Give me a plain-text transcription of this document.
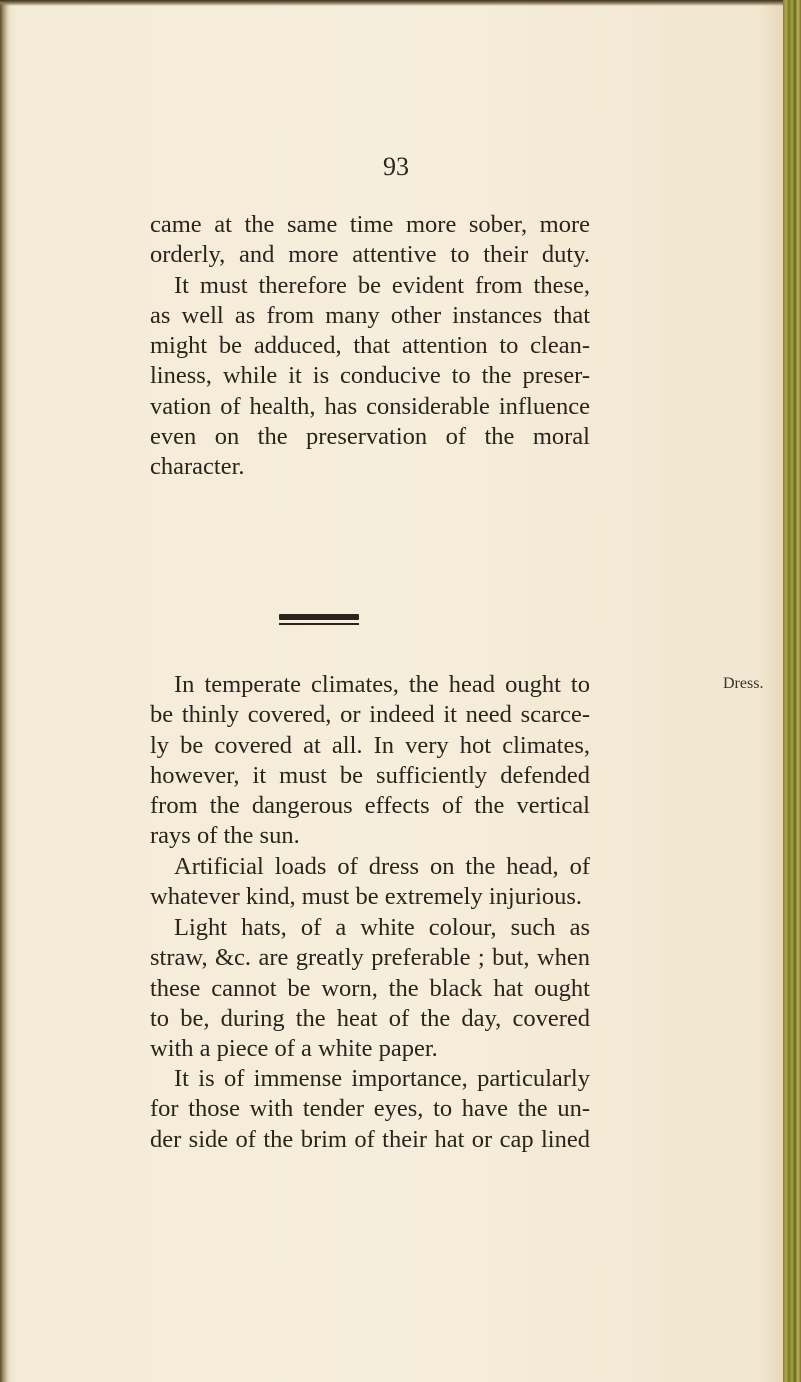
93
came at the same time more sober, more
orderly, and more attentive to their duty.
It must therefore be evident from these,
as well as from many other instances that
might be adduced, that attention to clean-
liness, while it is conducive to the preser-
vation of health, has considerable influence
even on the preservation of the moral
character.
Dress.
In temperate climates, the head ought to
be thinly covered, or indeed it need scarce-
ly be covered at all. In very hot climates,
however, it must be sufficiently defended
from the dangerous effects of the vertical
rays of the sun.
Artificial loads of dress on the head, of
whatever kind, must be extremely injurious.
Light hats, of a white colour, such as
straw, &c. are greatly preferable ; but, when
these cannot be worn, the black hat ought
to be, during the heat of the day, covered
with a piece of a white paper.
It is of immense importance, particularly
for those with tender eyes, to have the un-
der side of the brim of their hat or cap lined
